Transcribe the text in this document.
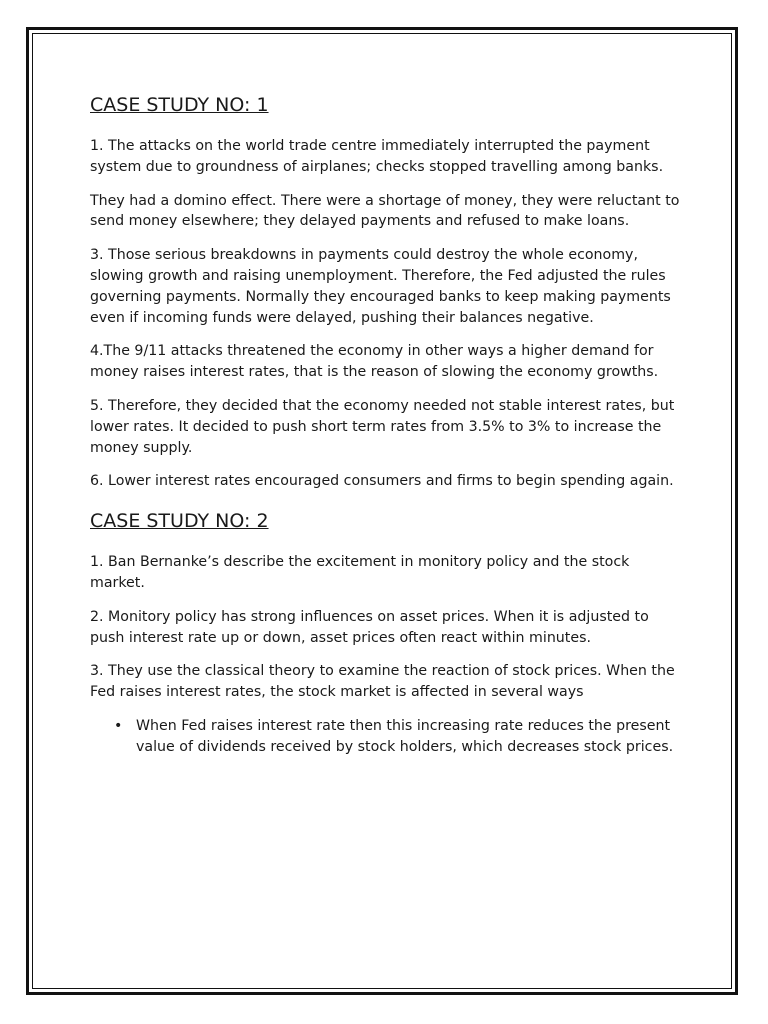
CASE STUDY NO: 1

1. The attacks on the world trade centre immediately interrupted the payment system due to groundness of airplanes; checks stopped travelling among banks.

They had a domino effect. There were a shortage of money, they were reluctant to send money elsewhere; they delayed payments and refused to make loans.

3. Those serious breakdowns in payments could destroy the whole economy, slowing growth and raising unemployment. Therefore, the Fed adjusted the rules governing payments. Normally they encouraged banks to keep making payments even if incoming funds were delayed, pushing their balances negative.

4.The 9/11 attacks threatened the economy in other ways a higher demand for money raises interest rates, that is the reason of slowing the economy growths.

5. Therefore, they decided that the economy needed not stable interest rates, but lower rates. It decided to push short term rates from 3.5% to 3% to increase the money supply.

6. Lower interest rates encouraged consumers and firms to begin spending again.

CASE STUDY NO: 2

1. Ban Bernanke’s describe the excitement in monitory policy and the stock market.

2. Monitory policy has strong influences on asset prices. When it is adjusted to push interest rate up or down, asset prices often react within minutes.

3. They use the classical theory to examine the reaction of stock prices. When the Fed raises interest rates, the stock market is affected in several ways

• When Fed raises interest rate then this increasing rate reduces the present value of dividends received by stock holders, which decreases stock prices.
